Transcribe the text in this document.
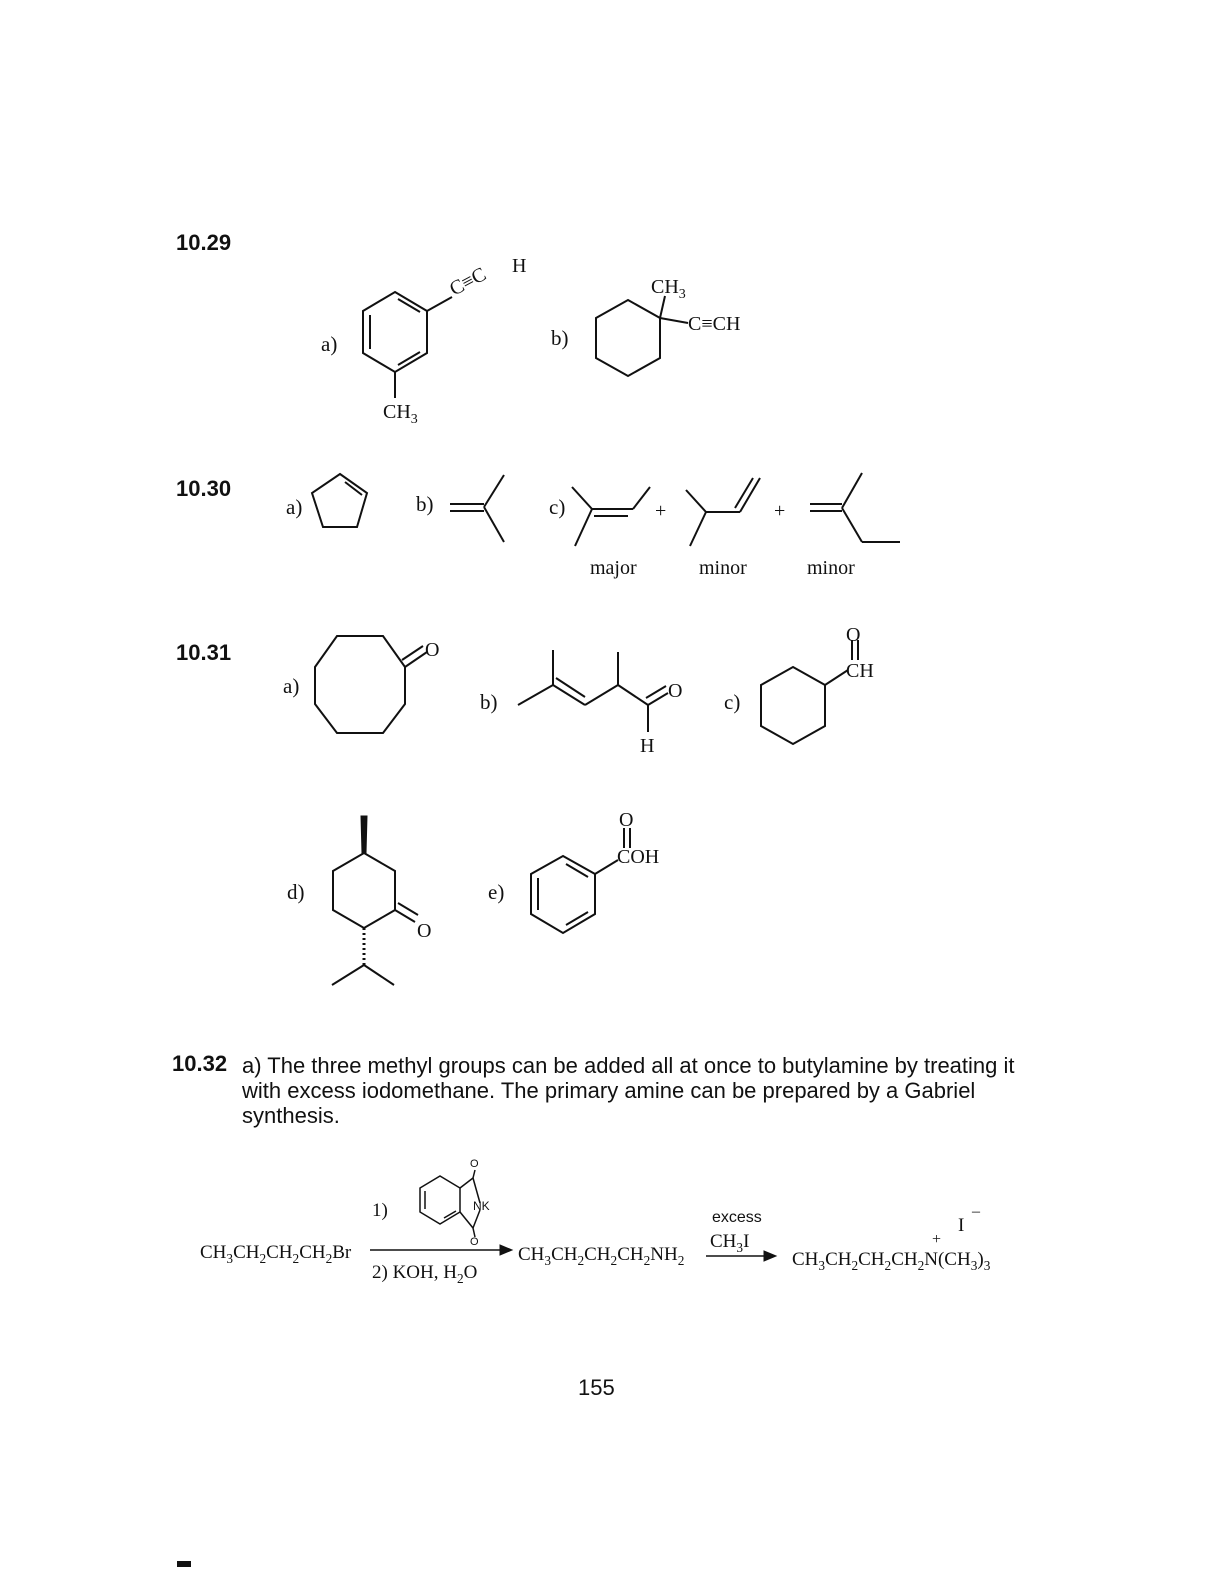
10.29
10.30
10.31
a)
C≡C H
$CH_3$
b)
$CH_3$
C≡CH
a)	b)	c)	+	+
major	minor	minor
a)
O
b)	O
H
c)
O
CH
d)
O
e)
O
COH
10.32 a) The three methyl groups can be added all at once to butylamine by treating it with excess iodomethane. The primary amine can be prepared by a Gabriel synthesis.
$CH_3CH_2CH_2CH_2Br$
1)
O
O
NK
2) KOH, $H_2O$
$CH_3CH_2CH_2CH_2NH_2$
excess
$CH_3I$	+
I
–
$CH_3CH_2CH_2CH_2N(CH_3)_3$
155
